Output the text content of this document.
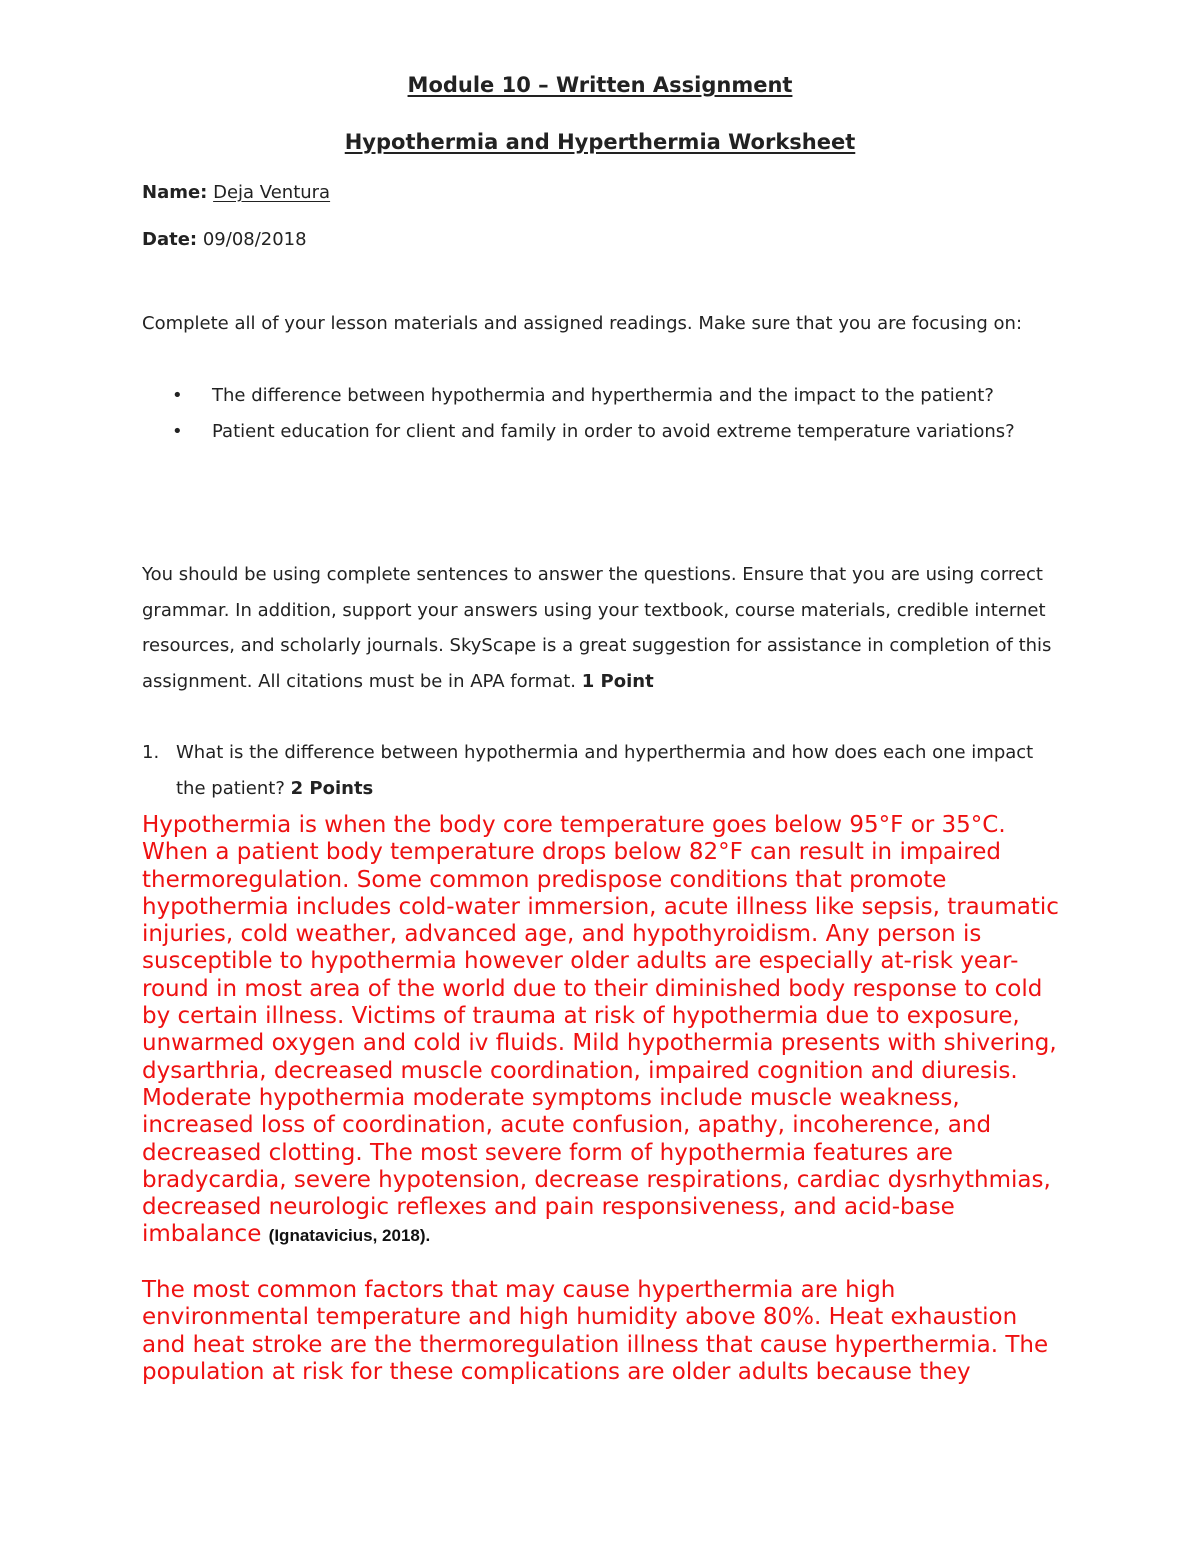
Module 10 – Written Assignment
Hypothermia and Hyperthermia Worksheet
Name: Deja Ventura
Date: 09/08/2018
Complete all of your lesson materials and assigned readings. Make sure that you are focusing on:
• The difference between hypothermia and hyperthermia and the impact to the patient?
• Patient education for client and family in order to avoid extreme temperature variations?
You should be using complete sentences to answer the questions. Ensure that you are using correct grammar. In addition, support your answers using your textbook, course materials, credible internet resources, and scholarly journals. SkyScape is a great suggestion for assistance in completion of this assignment. All citations must be in APA format. 1 Point
1. What is the difference between hypothermia and hyperthermia and how does each one impact the patient? 2 Points
Hypothermia is when the body core temperature goes below 95°F or 35°C. When a patient body temperature drops below 82°F can result in impaired thermoregulation. Some common predispose conditions that promote hypothermia includes cold-water immersion, acute illness like sepsis, traumatic injuries, cold weather, advanced age, and hypothyroidism. Any person is susceptible to hypothermia however older adults are especially at-risk year-round in most area of the world due to their diminished body response to cold by certain illness. Victims of trauma at risk of hypothermia due to exposure, unwarmed oxygen and cold iv fluids. Mild hypothermia presents with shivering, dysarthria, decreased muscle coordination, impaired cognition and diuresis. Moderate hypothermia moderate symptoms include muscle weakness, increased loss of coordination, acute confusion, apathy, incoherence, and decreased clotting. The most severe form of hypothermia features are bradycardia, severe hypotension, decrease respirations, cardiac dysrhythmias, decreased neurologic reflexes and pain responsiveness, and acid-base imbalance (Ignatavicius, 2018).
The most common factors that may cause hyperthermia are high environmental temperature and high humidity above 80%. Heat exhaustion and heat stroke are the thermoregulation illness that cause hyperthermia. The population at risk for these complications are older adults because they
